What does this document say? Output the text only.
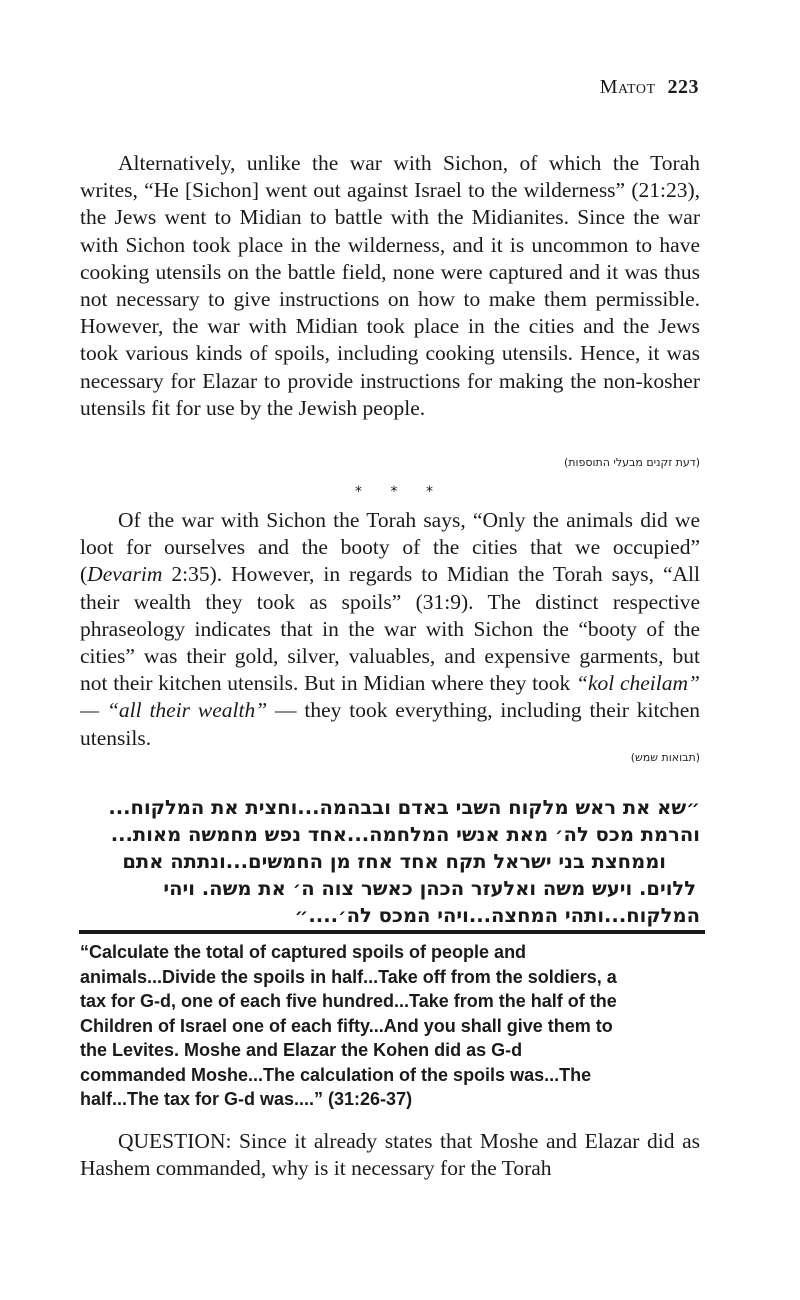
Matot 223

Alternatively, unlike the war with Sichon, of which the Torah writes, “He [Sichon] went out against Israel to the wilderness” (21:23), the Jews went to Midian to battle with the Midianites. Since the war with Sichon took place in the wilderness, and it is uncommon to have cooking utensils on the battle field, none were captured and it was thus not necessary to give instructions on how to make them permissible. However, the war with Midian took place in the cities and the Jews took various kinds of spoils, including cooking utensils. Hence, it was necessary for Elazar to provide instructions for making the non-kosher utensils fit for use by the Jewish people.

(דעת זקנים מבעלי התוספות)
* * *

Of the war with Sichon the Torah says, “Only the animals did we loot for ourselves and the booty of the cities that we occupied” (Devarim 2:35). However, in regards to Midian the Torah says, “All their wealth they took as spoils” (31:9). The distinct respective phraseology indicates that in the war with Sichon the “booty of the cities” was their gold, silver, valuables, and expensive garments, but not their kitchen utensils. But in Midian where they took “kol cheilam” — “all their wealth” — they took everything, including their kitchen utensils.

(תבואות שמש)
״שא את ראש מלקוח השבי באדם ובבהמה...וחצית את המלקוח...
והרמת מכס לה׳ מאת אנשי המלחמה...אחד נפש מחמשה מאות...
וממחצת בני ישראל תקח אחד אחז מן החמשים...ונתתה אתם
ללוים. ויעש משה ואלעזר הכהן כאשר צוה ה׳ את משה. ויהי
המלקוח...ותהי המחצה...ויהי המכס לה׳....״
“Calculate the total of captured spoils of people and
animals...Divide the spoils in half...Take off from the soldiers, a
tax for G-d, one of each five hundred...Take from the half of the
Children of Israel one of each fifty...And you shall give them to
the Levites. Moshe and Elazar the Kohen did as G-d
commanded Moshe...The calculation of the spoils was...The
half...The tax for G-d was....” (31:26-37)

QUESTION: Since it already states that Moshe and Elazar did as Hashem commanded, why is it necessary for the Torah
